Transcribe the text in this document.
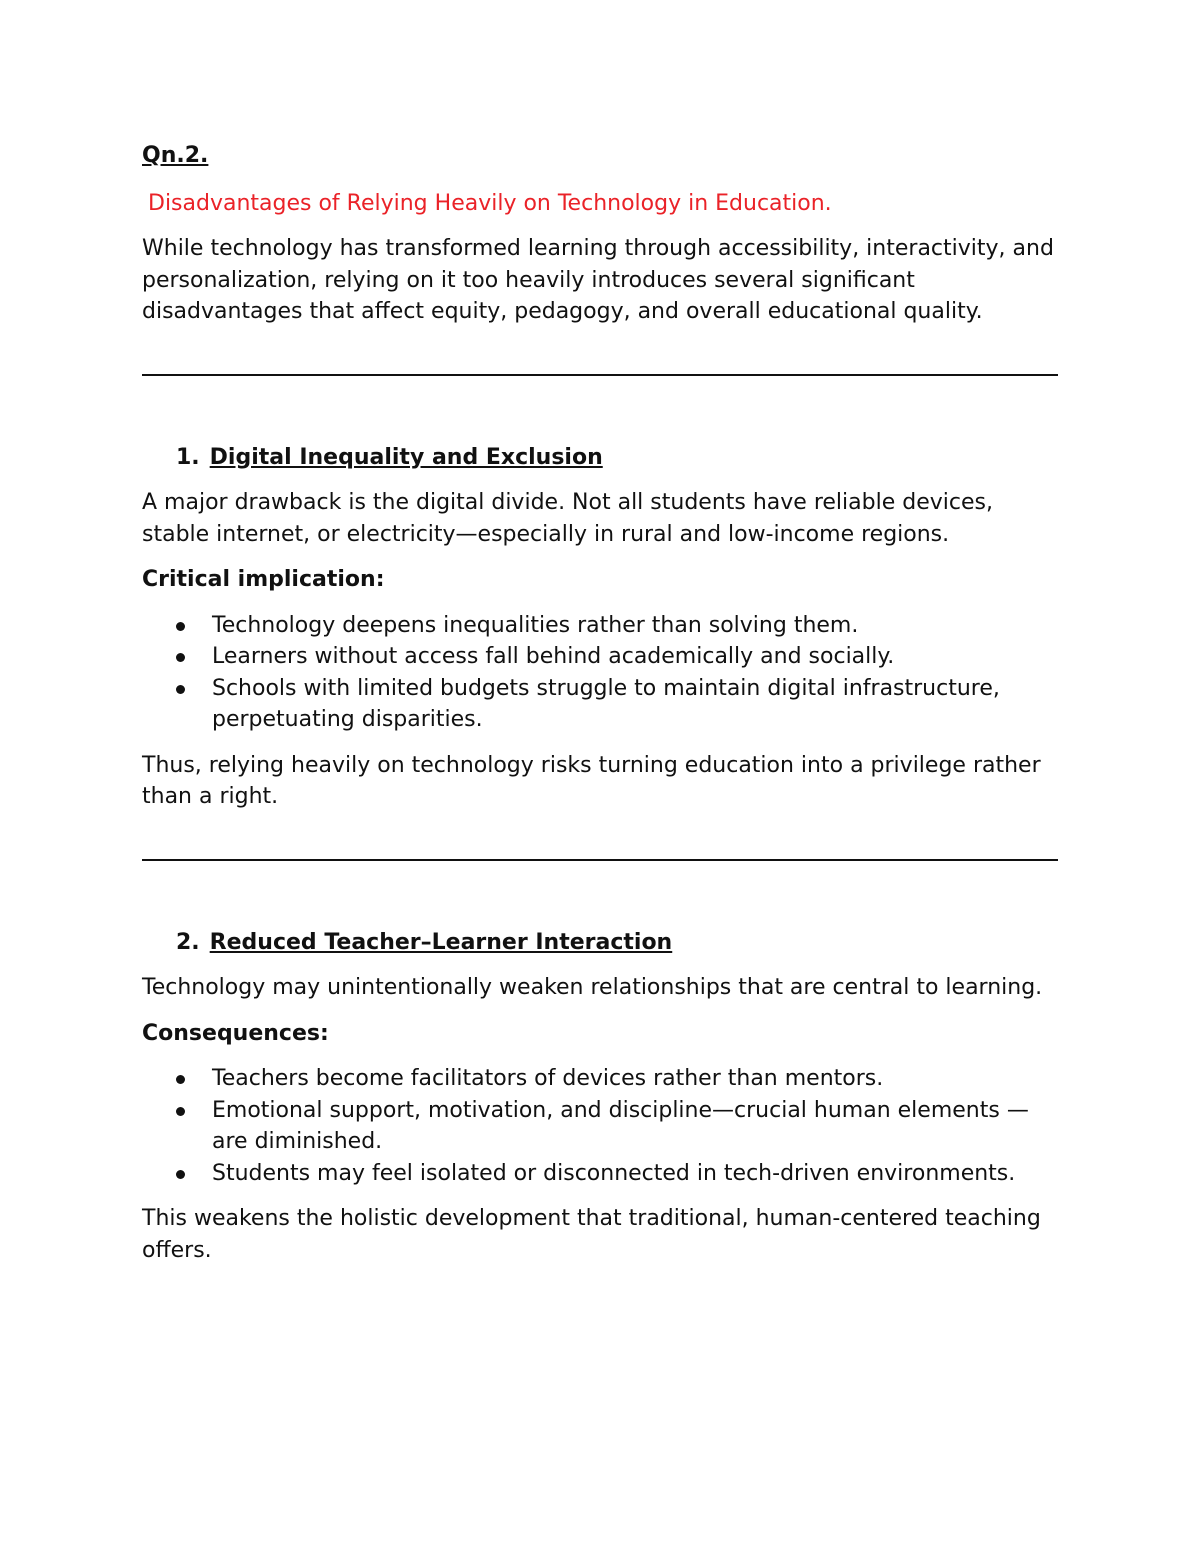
Qn.2.

Disadvantages of Relying Heavily on Technology in Education.

While technology has transformed learning through accessibility, interactivity, and personalization, relying on it too heavily introduces several significant disadvantages that affect equity, pedagogy, and overall educational quality.

1. Digital Inequality and Exclusion

A major drawback is the digital divide. Not all students have reliable devices, stable internet, or electricity—especially in rural and low-income regions.

Critical implication:

Technology deepens inequalities rather than solving them.
Learners without access fall behind academically and socially.
Schools with limited budgets struggle to maintain digital infrastructure, perpetuating disparities.

Thus, relying heavily on technology risks turning education into a privilege rather than a right.

2. Reduced Teacher–Learner Interaction

Technology may unintentionally weaken relationships that are central to learning.

Consequences:

Teachers become facilitators of devices rather than mentors.
Emotional support, motivation, and discipline—crucial human elements —are diminished.
Students may feel isolated or disconnected in tech-driven environments.

This weakens the holistic development that traditional, human-centered teaching offers.
